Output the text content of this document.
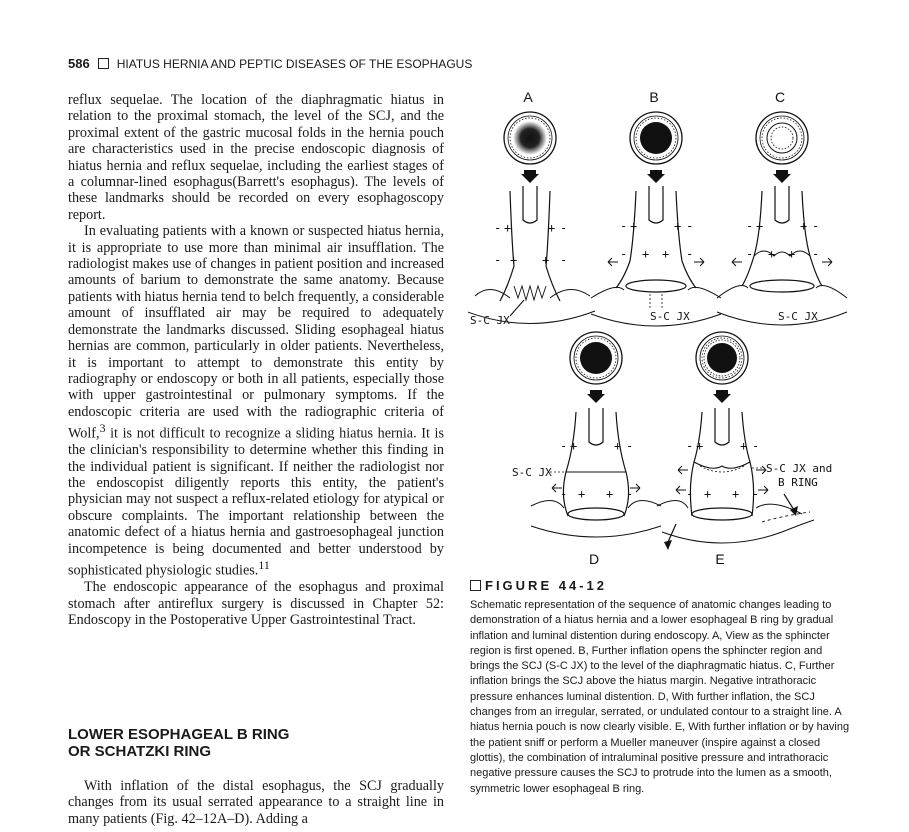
586 HIATUS HERNIA AND PEPTIC DISEASES OF THE ESOPHAGUS

reflux sequelae. The location of the diaphragmatic hiatus in relation to the proximal stomach, the level of the SCJ, and the proximal extent of the gastric mucosal folds in the hernia pouch are characteristics used in the precise endoscopic diagnosis of hiatus hernia and reflux sequelae, including the earliest stages of a columnar-lined esophagus(Barrett's esophagus). The levels of these landmarks should be recorded on every esophagoscopy report.

In evaluating patients with a known or suspected hiatus hernia, it is appropriate to use more than minimal air insufflation. The radiologist makes use of changes in patient position and increased amounts of barium to demonstrate the same anatomy. Because patients with hiatus hernia tend to belch frequently, a considerable amount of insufflated air may be required to adequately demonstrate the landmarks discussed. Sliding esophageal hiatus hernias are common, particularly in older patients. Nevertheless, it is important to attempt to demonstrate this entity by radiography or endoscopy or both in all patients, especially those with upper gastrointestinal or pulmonary symptoms. If the endoscopic criteria are used with the radiographic criteria of Wolf,$^3$ it is not difficult to recognize a sliding hiatus hernia. It is the clinician's responsibility to determine whether this finding in the individual patient is significant. If neither the radiologist nor the endoscopist diligently reports this entity, the patient's physician may not suspect a reflux-related etiology for atypical or obscure complaints. The important relationship between the anatomic defect of a hiatus hernia and gastroesophageal junction incompetence is being documented and better understood by sophisticated physiologic studies.$^{11}$

The endoscopic appearance of the esophagus and proximal stomach after antireflux surgery is discussed in Chapter 52: Endoscopy in the Postoperative Upper Gastrointestinal Tract.

LOWER ESOPHAGEAL B RING
OR SCHATZKI RING
With inflation of the distal esophagus, the SCJ gradually changes from its usual serrated appearance to a straight line in many patients (Fig. 42–12A–D). Adding a
A	B	C
D	E
- +	+ -
- + + -
S-C JX
- +	+ -
- + + -
S-C JX
- +	+ -
- + + -
S-C JX
- +	+ -
- + + -
S-C JX
- +	+ -
- + + -
S-C JX and
B RING
FIGURE 44-12
Schematic representation of the sequence of anatomic changes leading to demonstration of a hiatus hernia and a lower esophageal B ring by gradual inflation and luminal distention during endoscopy. A, View as the sphincter region is first opened. B, Further inflation opens the sphincter region and brings the SCJ (S-C JX) to the level of the diaphragmatic hiatus. C, Further inflation brings the SCJ above the hiatus margin. Negative intrathoracic pressure enhances luminal distention. D, With further inflation, the SCJ changes from an irregular, serrated, or undulated contour to a straight line. A hiatus hernia pouch is now clearly visible. E, With further inflation or by having the patient sniff or perform a Mueller maneuver (inspire against a closed glottis), the combination of intraluminal positive pressure and intrathoracic negative pressure causes the SCJ to protrude into the lumen as a smooth, symmetric lower esophageal B ring.
